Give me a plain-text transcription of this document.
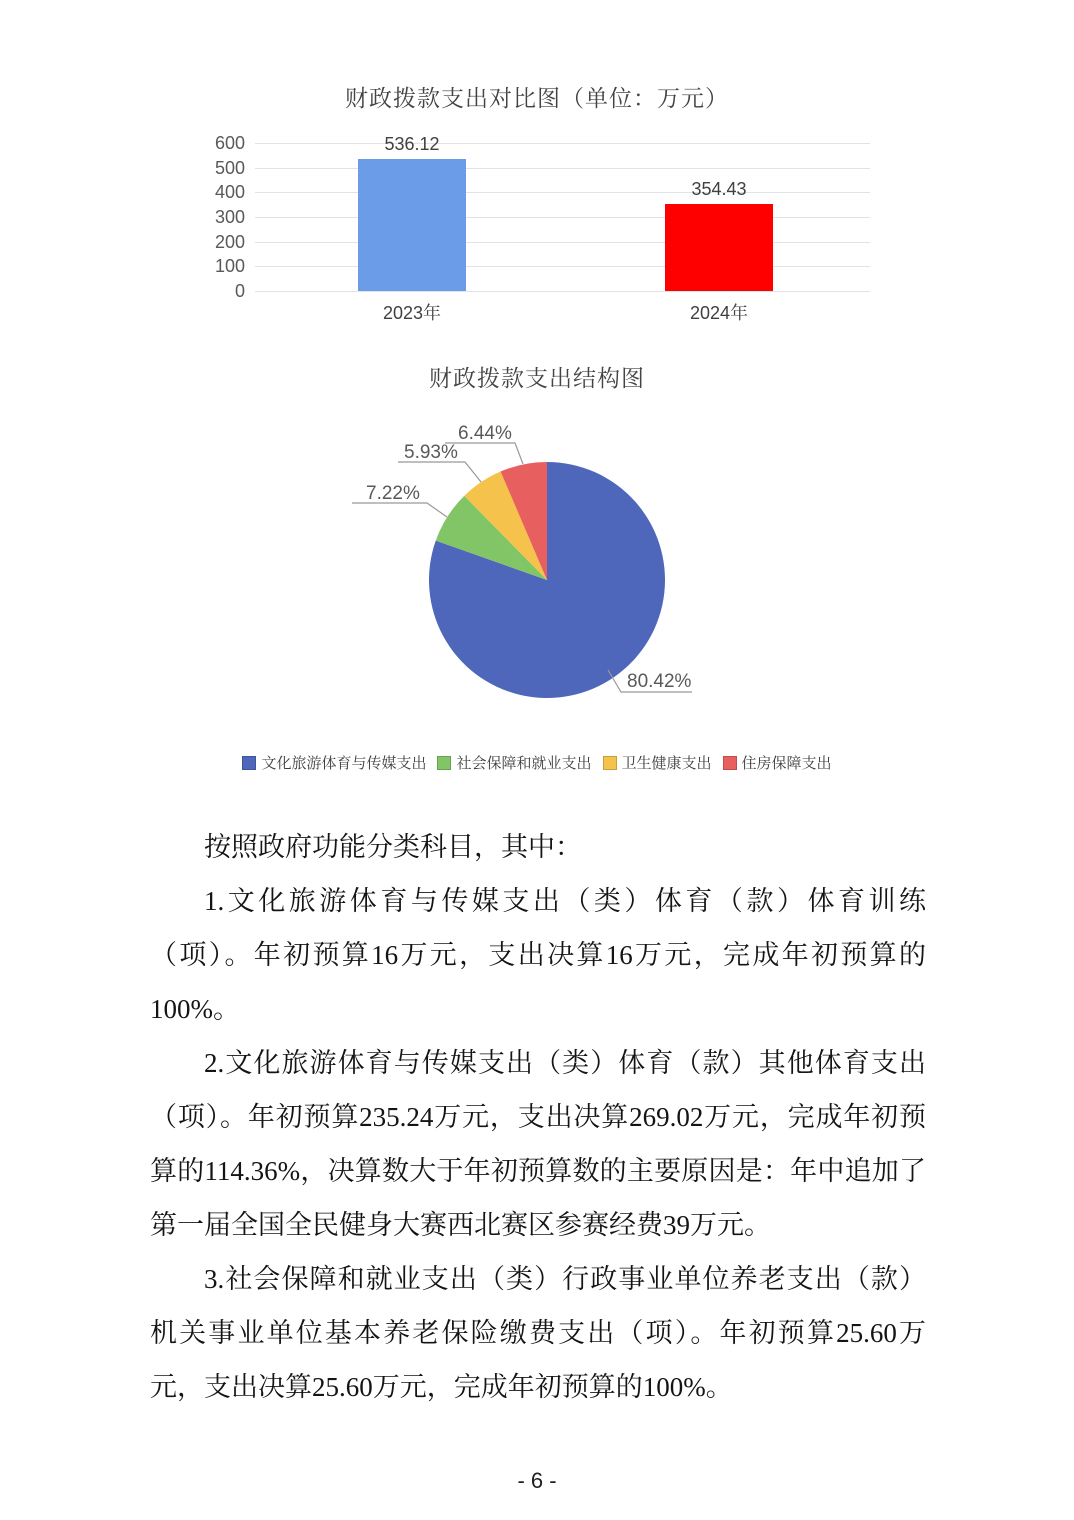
财政拨款支出对比图（单位：万元）
0
100
200
300
400
500
600	536.12
2023年
354.43
2024年
财政拨款支出结构图
6.44%
5.93%
7.22%
80.42%
文化旅游体育与传媒支出 社会保障和就业支出 卫生健康支出 住房保障支出

按照政府功能分类科目，其中：

1.文化旅游体育与传媒支出（类）体育（款）体育训练（项）。年初预算16万元，支出决算16万元，完成年初预算的100%。

2.文化旅游体育与传媒支出（类）体育（款）其他体育支出（项）。年初预算235.24万元，支出决算269.02万元，完成年初预算的114.36%，决算数大于年初预算数的主要原因是：年中追加了第一届全国全民健身大赛西北赛区参赛经费39万元。

3.社会保障和就业支出（类）行政事业单位养老支出（款）机关事业单位基本养老保险缴费支出（项）。年初预算25.60万元，支出决算25.60万元，完成年初预算的100%。

- 6 -
